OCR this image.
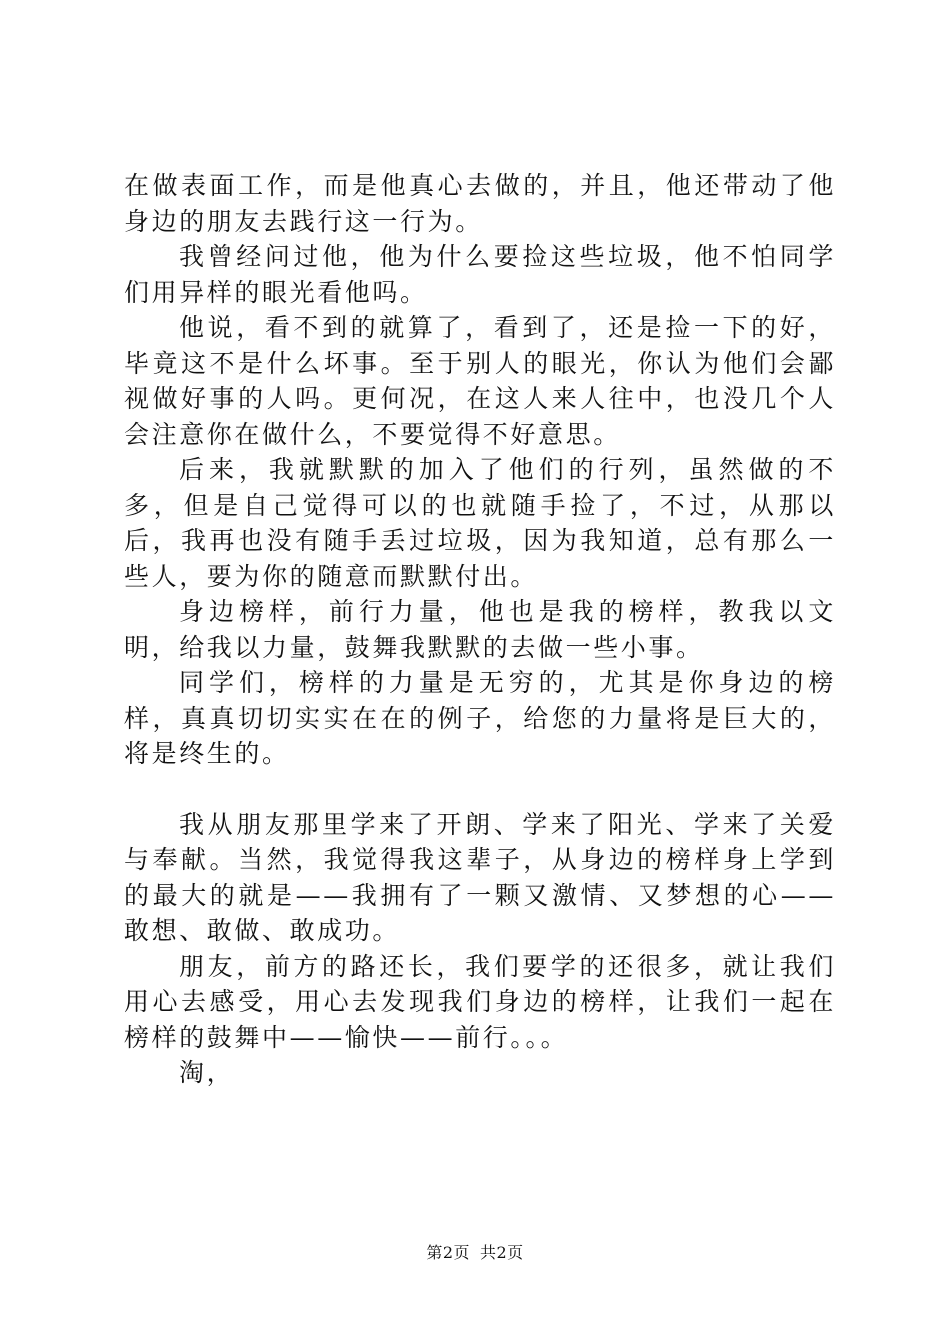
在做表面工作，而是他真心去做的，并且，他还带动了他身边的朋友去践行这一行为。

我曾经问过他，他为什么要捡这些垃圾，他不怕同学们用异样的眼光看他吗。

他说，看不到的就算了，看到了，还是捡一下的好，毕竟这不是什么坏事。至于别人的眼光，你认为他们会鄙视做好事的人吗。更何况，在这人来人往中，也没几个人会注意你在做什么，不要觉得不好意思。

后来，我就默默的加入了他们的行列，虽然做的不多，但是自己觉得可以的也就随手捡了，不过，从那以后，我再也没有随手丢过垃圾，因为我知道，总有那么一些人，要为你的随意而默默付出。

身边榜样，前行力量，他也是我的榜样，教我以文明，给我以力量，鼓舞我默默的去做一些小事。

同学们，榜样的力量是无穷的，尤其是你身边的榜样，真真切切实实在在的例子，给您的力量将是巨大的，将是终生的。

我从朋友那里学来了开朗、学来了阳光、学来了关爱与奉献。当然，我觉得我这辈子，从身边的榜样身上学到的最大的就是——我拥有了一颗又激情、又梦想的心——敢想、敢做、敢成功。

朋友，前方的路还长，我们要学的还很多，就让我们用心去感受，用心去发现我们身边的榜样，让我们一起在榜样的鼓舞中——愉快——前行。。。

淘，

第2页 共2页
